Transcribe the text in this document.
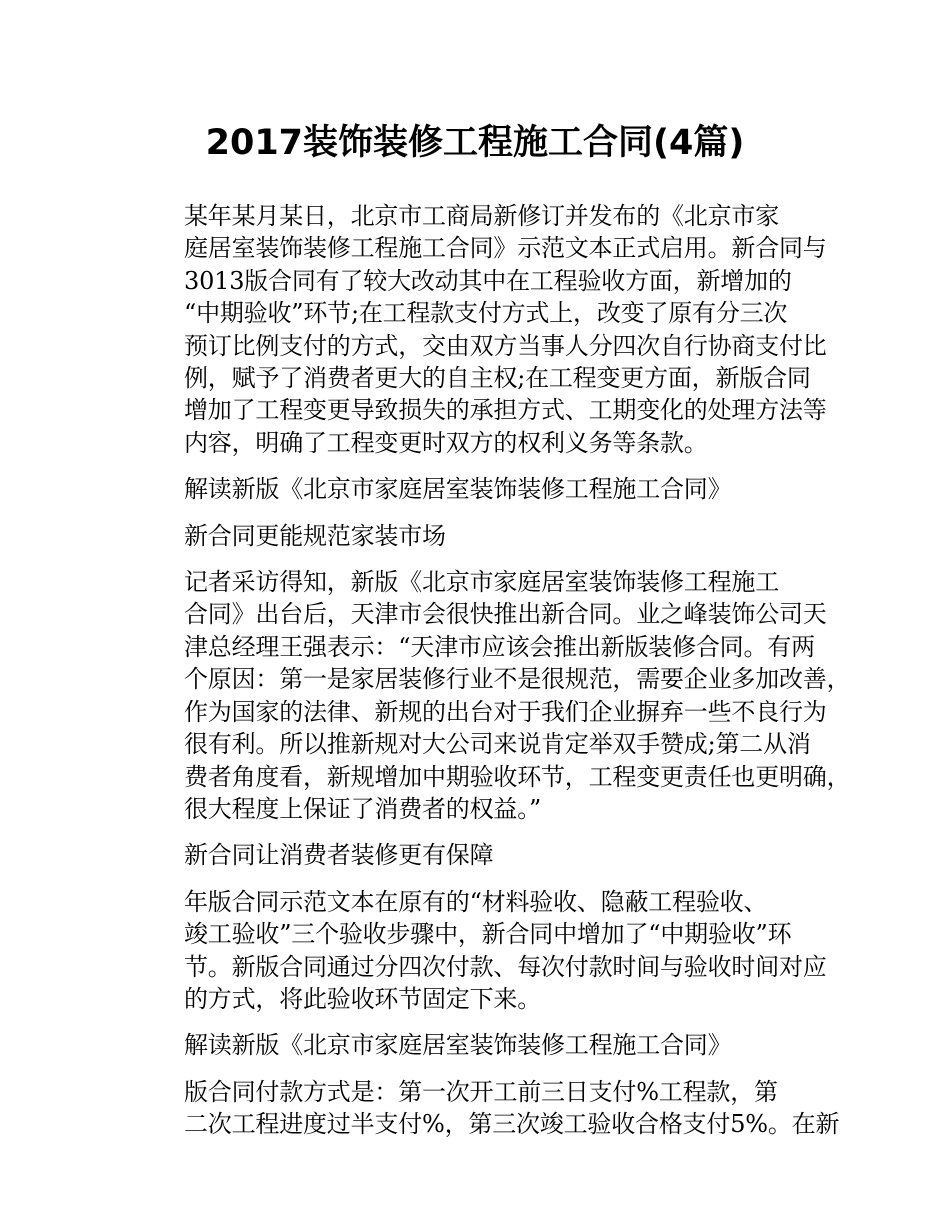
2017装饰装修工程施工合同(4篇)

某年某月某日，北京市工商局新修订并发布的《北京市家
庭居室装饰装修工程施工合同》示范文本正式启用。新合同与
3013版合同有了较大改动其中在工程验收方面，新增加的
“中期验收”环节;在工程款支付方式上，改变了原有分三次
预订比例支付的方式，交由双方当事人分四次自行协商支付比
例，赋予了消费者更大的自主权;在工程变更方面，新版合同
增加了工程变更导致损失的承担方式、工期变化的处理方法等
内容，明确了工程变更时双方的权利义务等条款。

解读新版《北京市家庭居室装饰装修工程施工合同》

新合同更能规范家装市场

记者采访得知，新版《北京市家庭居室装饰装修工程施工
合同》出台后，天津市会很快推出新合同。业之峰装饰公司天
津总经理王强表示：“天津市应该会推出新版装修合同。有两
个原因：第一是家居装修行业不是很规范，需要企业多加改善，
作为国家的法律、新规的出台对于我们企业摒弃一些不良行为
很有利。所以推新规对大公司来说肯定举双手赞成;第二从消
费者角度看，新规增加中期验收环节，工程变更责任也更明确，
很大程度上保证了消费者的权益。”

新合同让消费者装修更有保障

年版合同示范文本在原有的“材料验收、隐蔽工程验收、
竣工验收”三个验收步骤中，新合同中增加了“中期验收”环
节。新版合同通过分四次付款、每次付款时间与验收时间对应
的方式，将此验收环节固定下来。

解读新版《北京市家庭居室装饰装修工程施工合同》

版合同付款方式是：第一次开工前三日支付%工程款，第
二次工程进度过半支付%，第三次竣工验收合格支付5%。在新
